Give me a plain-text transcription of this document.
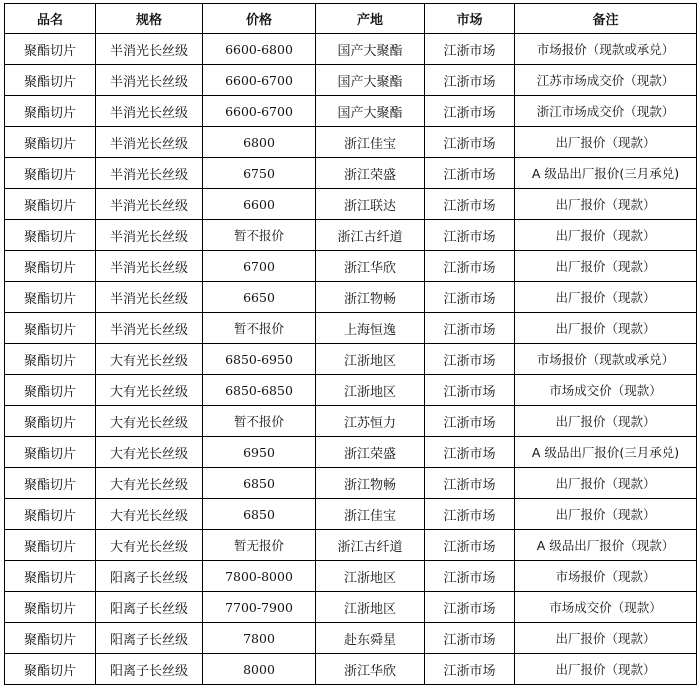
品名	规格	价格	产地	市场	备注
聚酯切片	半消光长丝级	6600-6800	国产大聚酯	江浙市场	市场报价（现款或承兑）
聚酯切片	半消光长丝级	6600-6700	国产大聚酯	江浙市场	江苏市场成交价（现款）
聚酯切片	半消光长丝级	6600-6700	国产大聚酯	江浙市场	浙江市场成交价（现款）
聚酯切片	半消光长丝级	6800	浙江佳宝	江浙市场	出厂报价（现款）
聚酯切片	半消光长丝级	6750	浙江荣盛	江浙市场	A 级品出厂报价(三月承兑)
聚酯切片	半消光长丝级	6600	浙江联达	江浙市场	出厂报价（现款）
聚酯切片	半消光长丝级	暂不报价	浙江古纤道	江浙市场	出厂报价（现款）
聚酯切片	半消光长丝级	6700	浙江华欣	江浙市场	出厂报价（现款）
聚酯切片	半消光长丝级	6650	浙江物畅	江浙市场	出厂报价（现款）
聚酯切片	半消光长丝级	暂不报价	上海恒逸	江浙市场	出厂报价（现款）
聚酯切片	大有光长丝级	6850-6950	江浙地区	江浙市场	市场报价（现款或承兑）
聚酯切片	大有光长丝级	6850-6850	江浙地区	江浙市场	市场成交价（现款）
聚酯切片	大有光长丝级	暂不报价	江苏恒力	江浙市场	出厂报价（现款）
聚酯切片	大有光长丝级	6950	浙江荣盛	江浙市场	A 级品出厂报价(三月承兑)
聚酯切片	大有光长丝级	6850	浙江物畅	江浙市场	出厂报价（现款）
聚酯切片	大有光长丝级	6850	浙江佳宝	江浙市场	出厂报价（现款）
聚酯切片	大有光长丝级	暂无报价	浙江古纤道	江浙市场	A 级品出厂报价（现款）
聚酯切片	阳离子长丝级	7800-8000	江浙地区	江浙市场	市场报价（现款）
聚酯切片	阳离子长丝级	7700-7900	江浙地区	江浙市场	市场成交价（现款）
聚酯切片	阳离子长丝级	7800	赴东舜星	江浙市场	出厂报价（现款）
聚酯切片	阳离子长丝级	8000	浙江华欣	江浙市场	出厂报价（现款）
